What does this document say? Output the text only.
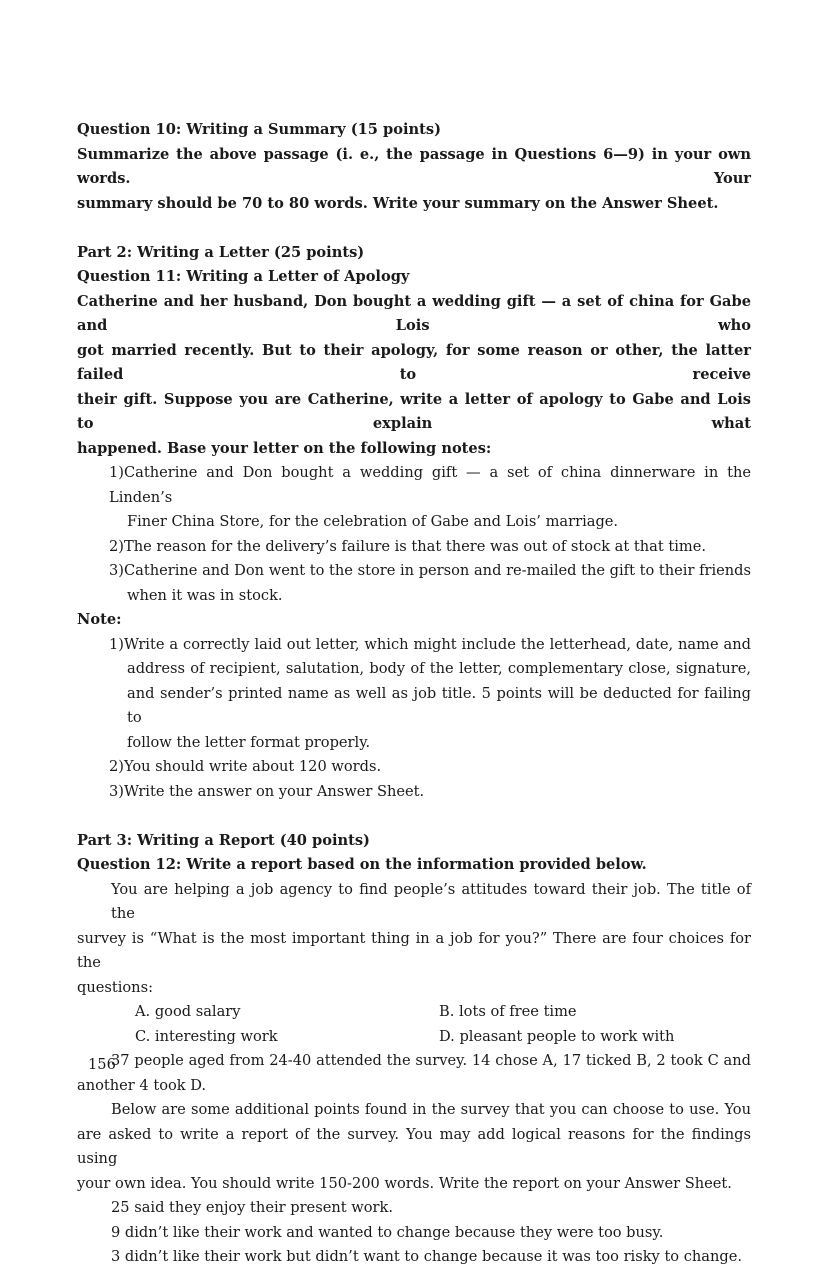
Question 10: Writing a Summary (15 points)
Summarize the above passage (i. e., the passage in Questions 6—9) in your own words. Your
summary should be 70 to 80 words. Write your summary on the Answer Sheet.
Part 2: Writing a Letter (25 points)
Question 11: Writing a Letter of Apology
Catherine and her husband, Don bought a wedding gift — a set of china for Gabe and Lois who
got married recently. But to their apology, for some reason or other, the latter failed to receive
their gift. Suppose you are Catherine, write a letter of apology to Gabe and Lois to explain what
happened. Base your letter on the following notes:
1)Catherine and Don bought a wedding gift — a set of china dinnerware in the Linden’s
Finer China Store, for the celebration of Gabe and Lois’ marriage.
2)The reason for the delivery’s failure is that there was out of stock at that time.
3)Catherine and Don went to the store in person and re-mailed the gift to their friends
when it was in stock.
Note:
1)Write a correctly laid out letter, which might include the letterhead, date, name and
address of recipient, salutation, body of the letter, complementary close, signature,
and sender’s printed name as well as job title. 5 points will be deducted for failing to
follow the letter format properly.
2)You should write about 120 words.
3)Write the answer on your Answer Sheet.
Part 3: Writing a Report (40 points)
Question 12: Write a report based on the information provided below.
You are helping a job agency to find people’s attitudes toward their job. The title of the
survey is “What is the most important thing in a job for you?” There are four choices for the
questions:
A. good salary	B. lots of free time
C. interesting work	D. pleasant people to work with
37 people aged from 24-40 attended the survey. 14 chose A, 17 ticked B, 2 took C and
another 4 took D.
Below are some additional points found in the survey that you can choose to use. You
are asked to write a report of the survey. You may add logical reasons for the findings using
your own idea. You should write 150-200 words. Write the report on your Answer Sheet.
25 said they enjoy their present work.
9 didn’t like their work and wanted to change because they were too busy.
3 didn’t like their work but didn’t want to change because it was too risky to change.
156
